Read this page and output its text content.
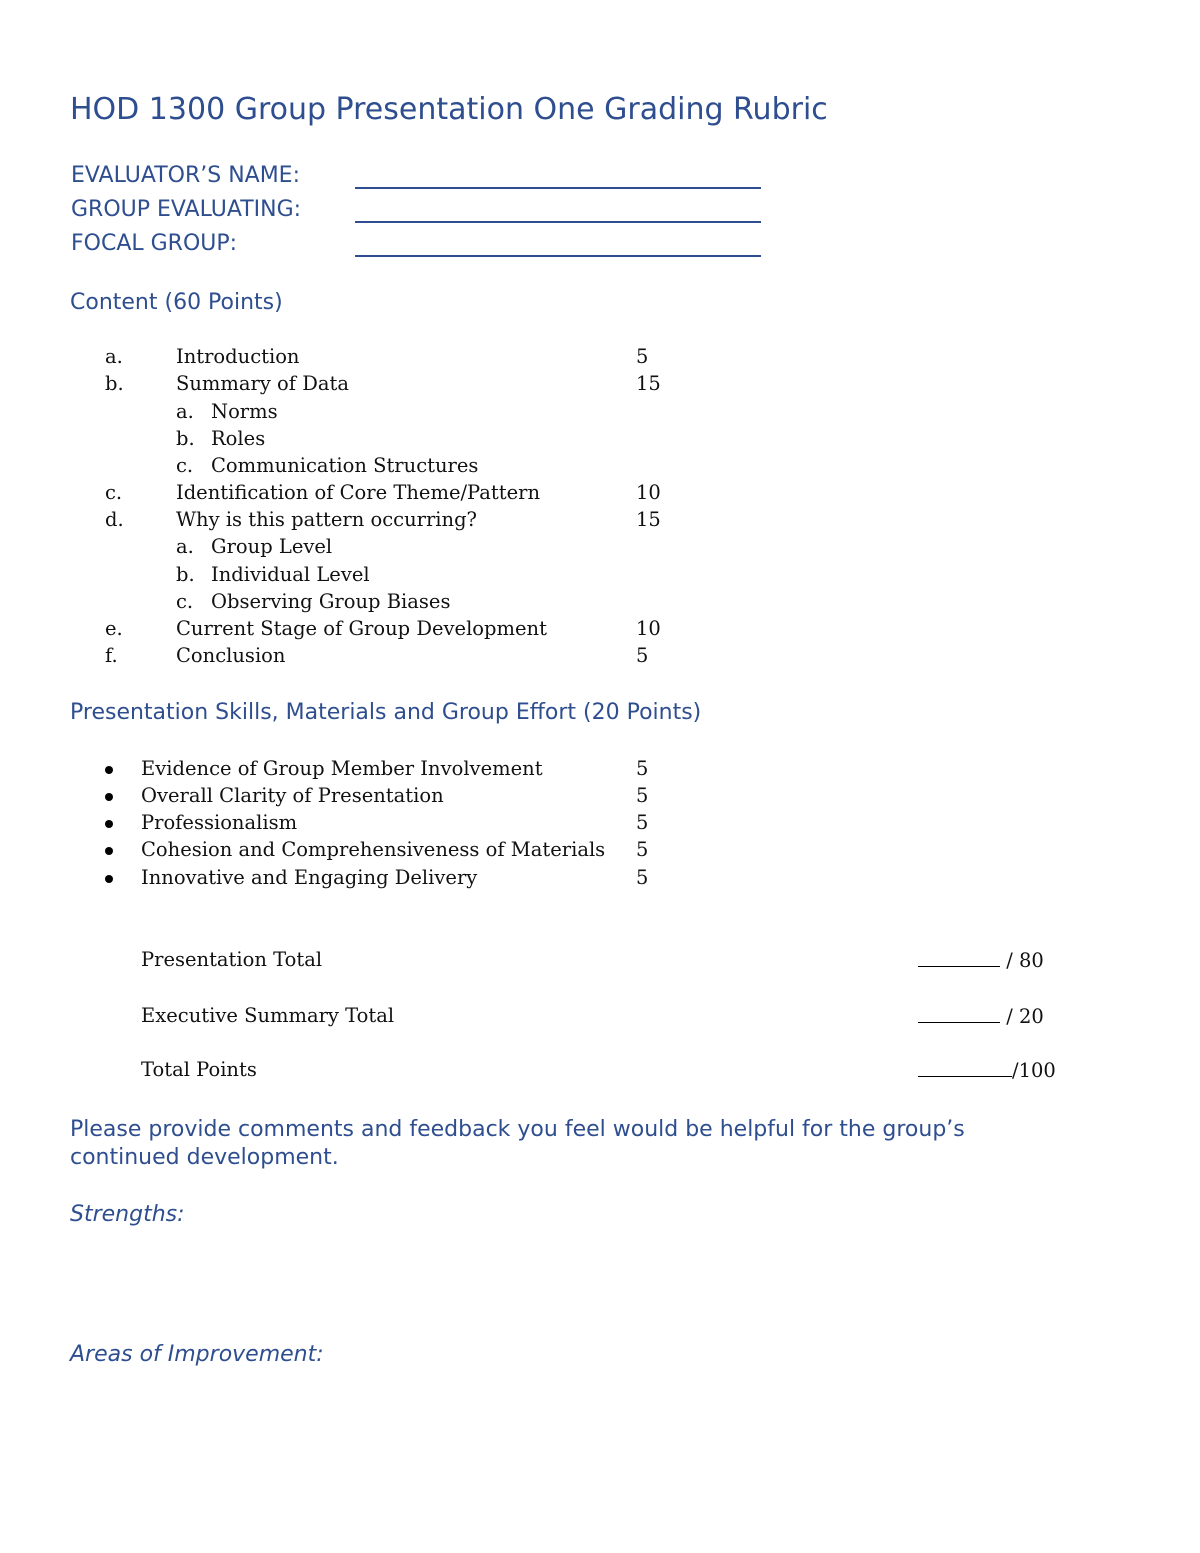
HOD 1300 Group Presentation One Grading Rubric
EVALUATOR’S NAME:
GROUP EVALUATING:
FOCAL GROUP:
Content (60 Points)
a.	Introduction	5
b.	Summary of Data	15
a. Norms
b. Roles
c. Communication Structures
c.	Identification of Core Theme/Pattern	10
d.	Why is this pattern occurring?	15
a. Group Level
b. Individual Level
c. Observing Group Biases
e.	Current Stage of Group Development	10
f.	Conclusion	5
Presentation Skills, Materials and Group Effort (20 Points)
Evidence of Group Member Involvement	5
Overall Clarity of Presentation	5
Professionalism	5
Cohesion and Comprehensiveness of Materials 5
Innovative and Engaging Delivery	5
Presentation Total	/ 80
Executive Summary Total	/ 20
Total Points	/100
Please provide comments and feedback you feel would be helpful for the group’s continued development.
Strengths:
Areas of Improvement:
